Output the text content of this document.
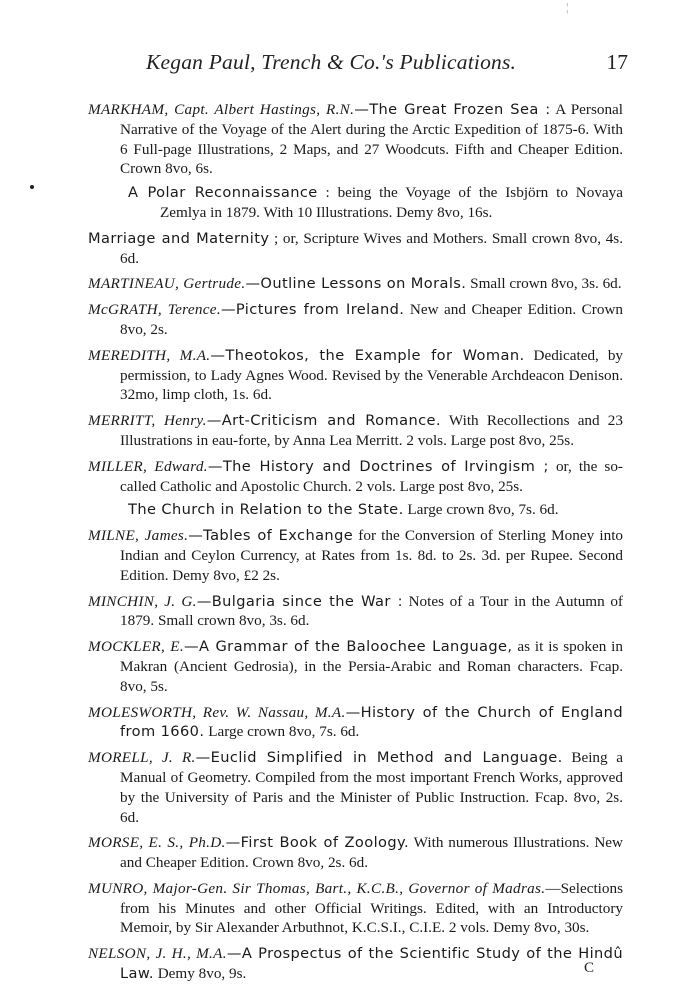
¦
Kegan Paul, Trench & Co.'s Publications.	17

MARKHAM, Capt. Albert Hastings, R.N.—The Great Frozen Sea : A Personal Narrative of the Voyage of the Alert during the Arctic Expedition of 1875-6. With 6 Full-page Illustrations, 2 Maps, and 27 Woodcuts. Fifth and Cheaper Edition. Crown 8vo, 6s.

A Polar Reconnaissance : being the Voyage of the Isbjörn to Novaya Zemlya in 1879. With 10 Illustrations. Demy 8vo, 16s.

Marriage and Maternity ; or, Scripture Wives and Mothers. Small crown 8vo, 4s. 6d.

MARTINEAU, Gertrude.—Outline Lessons on Morals. Small crown 8vo, 3s. 6d.

McGRATH, Terence.—Pictures from Ireland. New and Cheaper Edition. Crown 8vo, 2s.

MEREDITH, M.A.—Theotokos, the Example for Woman. Dedicated, by permission, to Lady Agnes Wood. Revised by the Venerable Archdeacon Denison. 32mo, limp cloth, 1s. 6d.

MERRITT, Henry.—Art-Criticism and Romance. With Recollections and 23 Illustrations in eau-forte, by Anna Lea Merritt. 2 vols. Large post 8vo, 25s.

MILLER, Edward.—The History and Doctrines of Irvingism ; or, the so-called Catholic and Apostolic Church. 2 vols. Large post 8vo, 25s.

The Church in Relation to the State. Large crown 8vo, 7s. 6d.

MILNE, James.—Tables of Exchange for the Conversion of Sterling Money into Indian and Ceylon Currency, at Rates from 1s. 8d. to 2s. 3d. per Rupee. Second Edition. Demy 8vo, £2 2s.

MINCHIN, J. G.—Bulgaria since the War : Notes of a Tour in the Autumn of 1879. Small crown 8vo, 3s. 6d.

MOCKLER, E.—A Grammar of the Baloochee Language, as it is spoken in Makran (Ancient Gedrosia), in the Persia-Arabic and Roman characters. Fcap. 8vo, 5s.

MOLESWORTH, Rev. W. Nassau, M.A.—History of the Church of England from 1660. Large crown 8vo, 7s. 6d.

MORELL, J. R.—Euclid Simplified in Method and Language. Being a Manual of Geometry. Compiled from the most important French Works, approved by the University of Paris and the Minister of Public Instruction. Fcap. 8vo, 2s. 6d.

MORSE, E. S., Ph.D.—First Book of Zoology. With numerous Illustrations. New and Cheaper Edition. Crown 8vo, 2s. 6d.

MUNRO, Major-Gen. Sir Thomas, Bart., K.C.B., Governor of Madras.—Selections from his Minutes and other Official Writings. Edited, with an Introductory Memoir, by Sir Alexander Arbuthnot, K.C.S.I., C.I.E. 2 vols. Demy 8vo, 30s.

NELSON, J. H., M.A.—A Prospectus of the Scientific Study of the Hindû Law. Demy 8vo, 9s.	C
